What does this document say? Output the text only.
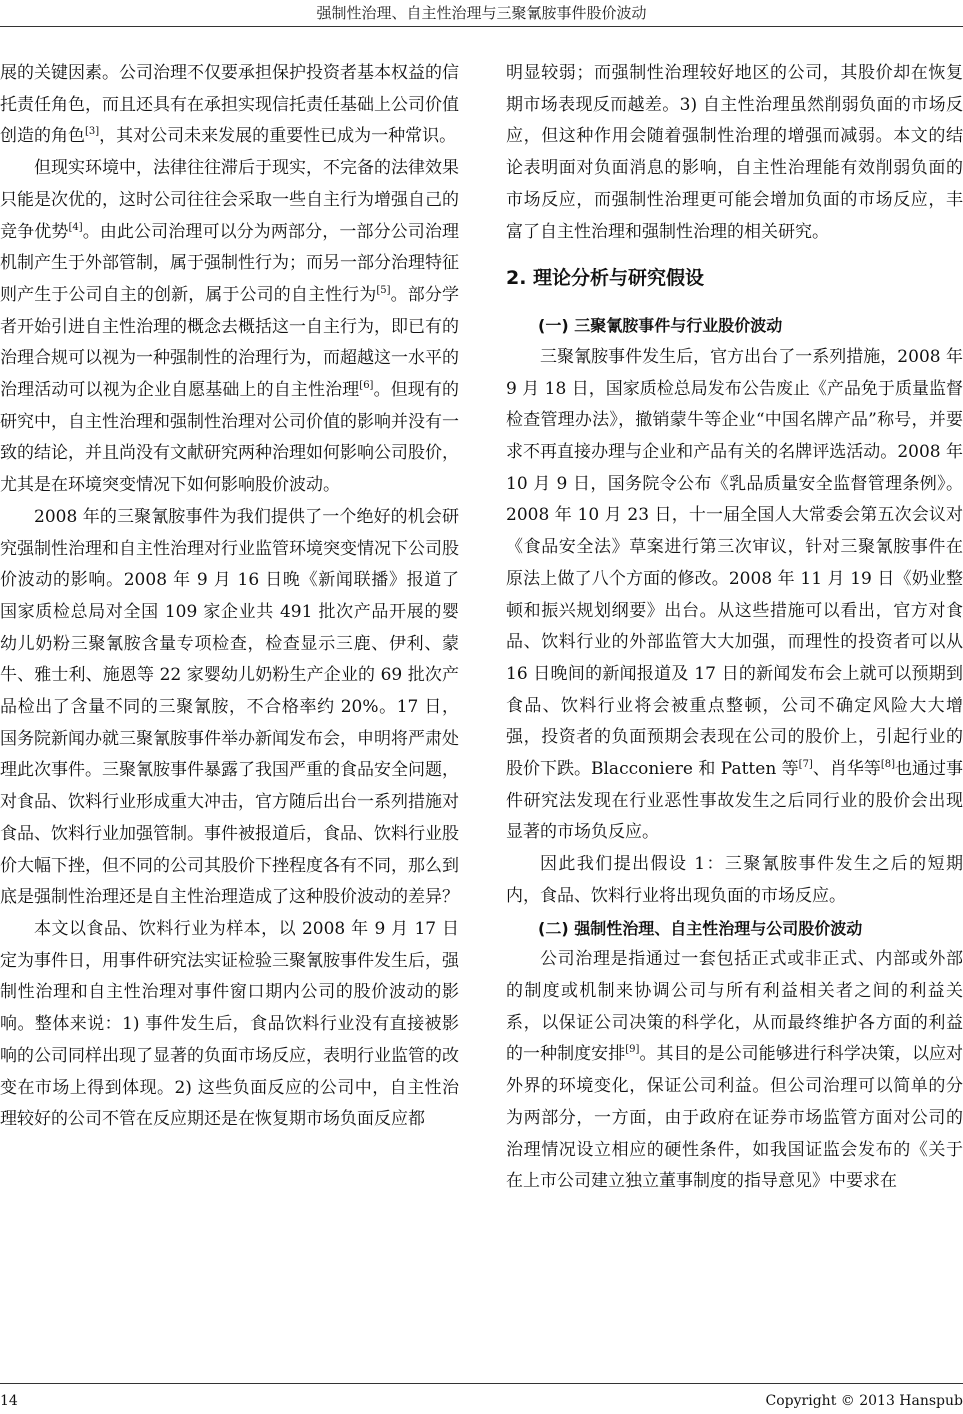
强制性治理、自主性治理与三聚氰胺事件股价波动

展的关键因素。公司治理不仅要承担保护投资者基本权益的信托责任角色，而且还具有在承担实现信托责任基础上公司价值创造的角色[3]，其对公司未来发展的重要性已成为一种常识。

但现实环境中，法律往往滞后于现实，不完备的法律效果只能是次优的，这时公司往往会采取一些自主行为增强自己的竞争优势[4]。由此公司治理可以分为两部分，一部分公司治理机制产生于外部管制，属于强制性行为；而另一部分治理特征则产生于公司自主的创新，属于公司的自主性行为[5]。部分学者开始引进自主性治理的概念去概括这一自主行为，即已有的治理合规可以视为一种强制性的治理行为，而超越这一水平的治理活动可以视为企业自愿基础上的自主性治理[6]。但现有的研究中，自主性治理和强制性治理对公司价值的影响并没有一致的结论，并且尚没有文献研究两种治理如何影响公司股价，尤其是在环境突变情况下如何影响股价波动。

2008 年的三聚氰胺事件为我们提供了一个绝好的机会研究强制性治理和自主性治理对行业监管环境突变情况下公司股价波动的影响。2008 年 9 月 16 日晚《新闻联播》报道了国家质检总局对全国 109 家企业共 491 批次产品开展的婴幼儿奶粉三聚氰胺含量专项检查，检查显示三鹿、伊利、蒙牛、雅士利、施恩等 22 家婴幼儿奶粉生产企业的 69 批次产品检出了含量不同的三聚氰胺，不合格率约 20%。17 日，国务院新闻办就三聚氰胺事件举办新闻发布会，申明将严肃处理此次事件。三聚氰胺事件暴露了我国严重的食品安全问题，对食品、饮料行业形成重大冲击，官方随后出台一系列措施对食品、饮料行业加强管制。事件被报道后，食品、饮料行业股价大幅下挫，但不同的公司其股价下挫程度各有不同，那么到底是强制性治理还是自主性治理造成了这种股价波动的差异？

本文以食品、饮料行业为样本，以 2008 年 9 月 17 日定为事件日，用事件研究法实证检验三聚氰胺事件发生后，强制性治理和自主性治理对事件窗口期内公司的股价波动的影响。整体来说：1) 事件发生后，食品饮料行业没有直接被影响的公司同样出现了显著的负面市场反应，表明行业监管的改变在市场上得到体现。2) 这些负面反应的公司中，自主性治理较好的公司不管在反应期还是在恢复期市场负面反应都

明显较弱；而强制性治理较好地区的公司，其股价却在恢复期市场表现反而越差。3) 自主性治理虽然削弱负面的市场反应，但这种作用会随着强制性治理的增强而减弱。本文的结论表明面对负面消息的影响，自主性治理能有效削弱负面的市场反应，而强制性治理更可能会增加负面的市场反应，丰富了自主性治理和强制性治理的相关研究。

2. 理论分析与研究假设
(一) 三聚氰胺事件与行业股价波动

三聚氰胺事件发生后，官方出台了一系列措施，2008 年 9 月 18 日，国家质检总局发布公告废止《产品免于质量监督检查管理办法》，撤销蒙牛等企业“中国名牌产品”称号，并要求不再直接办理与企业和产品有关的名牌评选活动。2008 年 10 月 9 日，国务院令公布《乳品质量安全监督管理条例》。2008 年 10 月 23 日，十一届全国人大常委会第五次会议对《食品安全法》草案进行第三次审议，针对三聚氰胺事件在原法上做了八个方面的修改。2008 年 11 月 19 日《奶业整顿和振兴规划纲要》出台。从这些措施可以看出，官方对食品、饮料行业的外部监管大大加强，而理性的投资者可以从 16 日晚间的新闻报道及 17 日的新闻发布会上就可以预期到食品、饮料行业将会被重点整顿，公司不确定风险大大增强，投资者的负面预期会表现在公司的股价上，引起行业的股价下跌。Blacconiere 和 Patten 等[7]、肖华等[8]也通过事件研究法发现在行业恶性事故发生之后同行业的股价会出现显著的市场负反应。

因此我们提出假设 1：三聚氰胺事件发生之后的短期内，食品、饮料行业将出现负面的市场反应。

(二) 强制性治理、自主性治理与公司股价波动

公司治理是指通过一套包括正式或非正式、内部或外部的制度或机制来协调公司与所有利益相关者之间的利益关系，以保证公司决策的科学化，从而最终维护各方面的利益的一种制度安排[9]。其目的是公司能够进行科学决策，以应对外界的环境变化，保证公司利益。但公司治理可以简单的分为两部分，一方面，由于政府在证券市场监管方面对公司的治理情况设立相应的硬性条件，如我国证监会发布的《关于在上市公司建立独立董事制度的指导意见》中要求在

14	Copyright © 2013 Hanspub
